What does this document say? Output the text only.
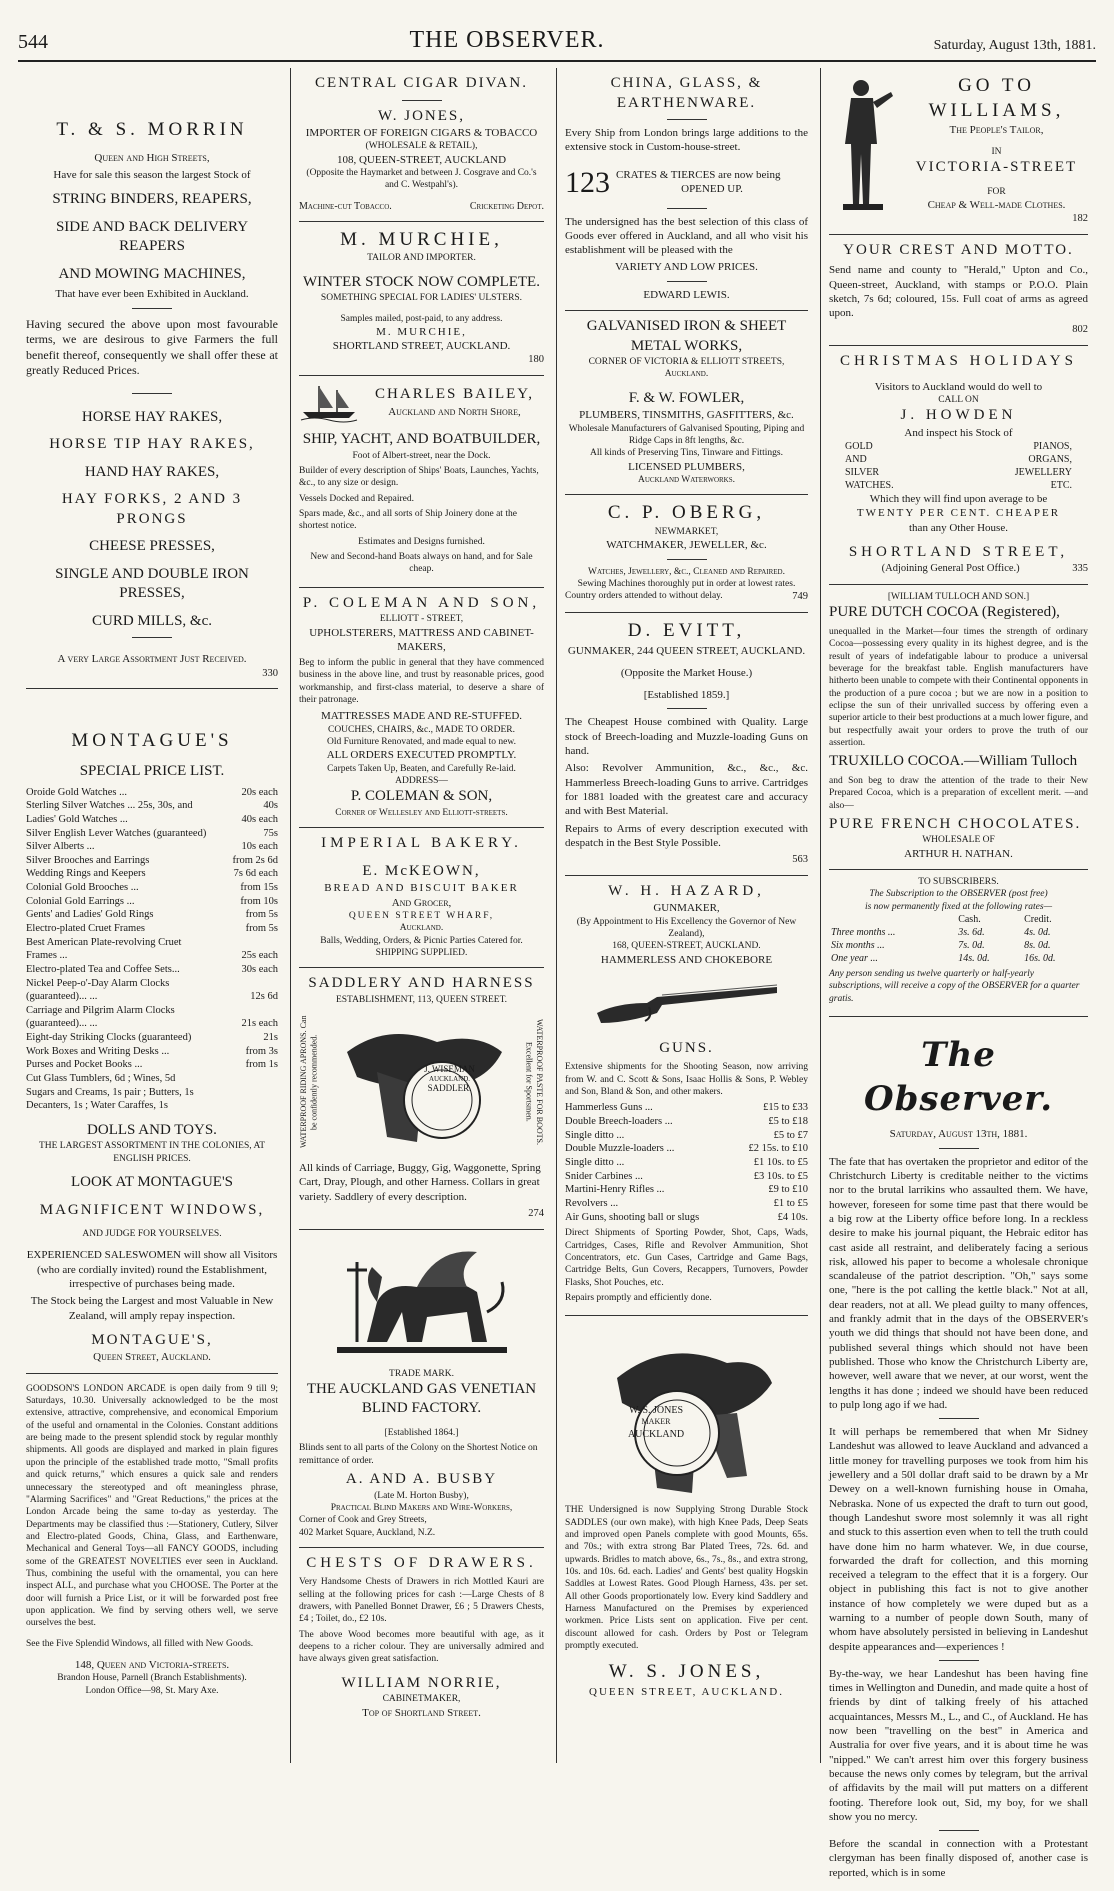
544	THE OBSERVER.	Saturday, August 13th, 1881.
T. & S. MORRIN
Queen and High Streets,

Have for sale this season the largest Stock of

STRING BINDERS, REAPERS,
SIDE AND BACK DELIVERY REAPERS
AND MOWING MACHINES,

That have ever been Exhibited in Auckland.

Having secured the above upon most favourable terms, we are desirous to give Farmers the full benefit thereof, consequently we shall offer these at greatly Reduced Prices.

HORSE HAY RAKES,
HORSE TIP HAY RAKES,
HAND HAY RAKES,
HAY FORKS, 2 AND 3 PRONGS
CHEESE PRESSES,
SINGLE AND DOUBLE IRON PRESSES,
CURD MILLS, &c.
A very Large Assortment Just Received.
330
MONTAGUE'S
SPECIAL PRICE LIST.
Oroide Gold Watches ...	20s each
Sterling Silver Watches ... 25s, 30s, and	40s
Ladies' Gold Watches ...	40s each
Silver English Lever Watches (guaranteed)	75s
Silver Alberts ...	10s each
Silver Brooches and Earrings	from 2s 6d
Wedding Rings and Keepers	7s 6d each
Colonial Gold Brooches ...	from 15s
Colonial Gold Earrings ...	from 10s
Gents' and Ladies' Gold Rings	from 5s
Electro-plated Cruet Frames	from 5s
Best American Plate-revolving Cruet
Frames ...	25s each
Electro-plated Tea and Coffee Sets...	30s each
Nickel Peep-o'-Day Alarm Clocks
(guaranteed)... ...	12s 6d
Carriage and Pilgrim Alarm Clocks
(guaranteed)... ...	21s each
Eight-day Striking Clocks (guaranteed)	21s
Work Boxes and Writing Desks ...	from 3s
Purses and Pocket Books ...	from 1s
Cut Glass Tumblers, 6d ; Wines, 5d
Sugars and Creams, 1s pair ; Butters, 1s
Decanters, 1s ; Water Caraffes, 1s
DOLLS AND TOYS.
THE LARGEST ASSORTMENT IN THE COLONIES, AT ENGLISH PRICES.
LOOK AT MONTAGUE'S
MAGNIFICENT WINDOWS,
AND JUDGE FOR YOURSELVES.

EXPERIENCED SALESWOMEN will show all Visitors (who are cordially invited) round the Establishment, irrespective of purchases being made.

The Stock being the Largest and most Valuable in New Zealand, will amply repay inspection.

MONTAGUE'S,
Queen Street, Auckland.

GOODSON'S LONDON ARCADE is open daily from 9 till 9; Saturdays, 10.30. Universally acknowledged to be the most extensive, attractive, comprehensive, and economical Emporium of the useful and ornamental in the Colonies. Constant additions are being made to the present splendid stock by regular monthly shipments. All goods are displayed and marked in plain figures upon the principle of the established trade motto, "Small profits and quick returns," which ensures a quick sale and renders unnecessary the stereotyped and oft meaningless phrase, "Alarming Sacrifices" and "Great Reductions," the prices at the London Arcade being the same to-day as yesterday. The Departments may be classified thus :—Stationery, Cutlery, Silver and Electro-plated Goods, China, Glass, and Earthenware, Mechanical and General Toys—all FANCY GOODS, including some of the GREATEST NOVELTIES ever seen in Auckland. Thus, combining the useful with the ornamental, you can here inspect ALL, and purchase what you CHOOSE. The Porter at the door will furnish a Price List, or it will be forwarded post free upon application. We find by serving others well, we serve ourselves the best.

See the Five Splendid Windows, all filled with New Goods.

148, Queen and Victoria-streets.
Brandon House, Parnell (Branch Establishments).
London Office—98, St. Mary Axe.
CENTRAL CIGAR DIVAN.
W. JONES,
IMPORTER OF FOREIGN CIGARS & TOBACCO
(WHOLESALE & RETAIL),
108, QUEEN-STREET, AUCKLAND
(Opposite the Haymarket and between J. Cosgrave and Co.'s and C. Westpahl's).
Machine-cut Tobacco.	Cricketing Depot.
M. MURCHIE,
TAILOR AND IMPORTER.
WINTER STOCK NOW COMPLETE.
SOMETHING SPECIAL FOR LADIES' ULSTERS.
Samples mailed, post-paid, to any address.
M. MURCHIE,
SHORTLAND STREET, AUCKLAND.
180
CHARLES BAILEY,
Auckland and North Shore,
SHIP, YACHT, AND BOATBUILDER,
Foot of Albert-street, near the Dock.

Builder of every description of Ships' Boats, Launches, Yachts, &c., to any size or design.

Vessels Docked and Repaired.

Spars made, &c., and all sorts of Ship Joinery done at the shortest notice.

Estimates and Designs furnished.

New and Second-hand Boats always on hand, and for Sale cheap.

P. COLEMAN AND SON,
ELLIOTT - STREET,
UPHOLSTERERS, MATTRESS AND CABINET-MAKERS,

Beg to inform the public in general that they have commenced business in the above line, and trust by reasonable prices, good workmanship, and first-class material, to deserve a share of their patronage.

MATTRESSES MADE AND RE-STUFFED.
COUCHES, CHAIRS, &c., MADE TO ORDER.
Old Furniture Renovated, and made equal to new.
ALL ORDERS EXECUTED PROMPTLY.
Carpets Taken Up, Beaten, and Carefully Re-laid.
ADDRESS—
P. COLEMAN & SON,
Corner of Wellesley and Elliott-streets.
IMPERIAL BAKERY.
E. McKEOWN,
BREAD AND BISCUIT BAKER
And Grocer,
QUEEN STREET WHARF,
Auckland.
Balls, Wedding, Orders, & Picnic Parties Catered for.
SHIPPING SUPPLIED.
SADDLERY AND HARNESS
ESTABLISHMENT, 113, QUEEN STREET.
WATERPROOF RIDING APRONS. Can be confidently recommended.	J. WISEMAN
AUCKLAND.
SADDLER.	WATERPROOF PASTE FOR BOOTS. Excellent for Sportsmen.

All kinds of Carriage, Buggy, Gig, Waggonette, Spring Cart, Dray, Plough, and other Harness. Collars in great variety. Saddlery of every description.

274
TRADE MARK.
THE AUCKLAND GAS VENETIAN BLIND FACTORY.
[Established 1864.]

Blinds sent to all parts of the Colony on the Shortest Notice on remittance of order.

A. AND A. BUSBY
(Late M. Horton Busby),
Practical Blind Makers and Wire-Workers,
Corner of Cook and Grey Streets,
402 Market Square, Auckland, N.Z.
CHESTS OF DRAWERS.

Very Handsome Chests of Drawers in rich Mottled Kauri are selling at the following prices for cash :—Large Chests of 8 drawers, with Panelled Bonnet Drawer, £6 ; 5 Drawers Chests, £4 ; Toilet, do., £2 10s.

The above Wood becomes more beautiful with age, as it deepens to a richer colour. They are universally admired and have always given great satisfaction.

WILLIAM NORRIE,
CABINETMAKER,
Top of Shortland Street.
CHINA, GLASS, & EARTHENWARE.

Every Ship from London brings large additions to the extensive stock in Custom-house-street.

123 CRATES & TIERCES are now being
OPENED UP.

The undersigned has the best selection of this class of Goods ever offered in Auckland, and all who visit his establishment will be pleased with the

VARIETY AND LOW PRICES.
EDWARD LEWIS.
GALVANISED IRON & SHEET METAL WORKS,
CORNER OF VICTORIA & ELLIOTT STREETS,
Auckland.
F. & W. FOWLER,
PLUMBERS, TINSMITHS, GASFITTERS, &c.
Wholesale Manufacturers of Galvanised Spouting, Piping and Ridge Caps in 8ft lengths, &c.
All kinds of Preserving Tins, Tinware and Fittings.
LICENSED PLUMBERS,
Auckland Waterworks.
C. P. OBERG,
NEWMARKET,
WATCHMAKER, JEWELLER, &c.
Watches, Jewellery, &c., Cleaned and Repaired.
Sewing Machines thoroughly put in order at lowest rates.
Country orders attended to without delay.	749
D. EVITT,
GUNMAKER, 244 QUEEN STREET, AUCKLAND.
(Opposite the Market House.)
[Established 1859.]

The Cheapest House combined with Quality. Large stock of Breech-loading and Muzzle-loading Guns on hand.

Also: Revolver Ammunition, &c., &c., &c. Hammerless Breech-loading Guns to arrive. Cartridges for 1881 loaded with the greatest care and accuracy and with Best Material.

Repairs to Arms of every description executed with despatch in the Best Style Possible.

563
W. H. HAZARD,
GUNMAKER,
(By Appointment to His Excellency the Governor of New Zealand),
168, QUEEN-STREET, AUCKLAND.
HAMMERLESS AND CHOKEBORE
GUNS.

Extensive shipments for the Shooting Season, now arriving from W. and C. Scott & Sons, Isaac Hollis & Sons, P. Webley and Son, Bland & Son, and other makers.

Hammerless Guns ...	£15 to £33
Double Breech-loaders ...	£5 to £18
Single ditto ...	£5 to £7
Double Muzzle-loaders ...	£2 15s. to £10
Single ditto ...	£1 10s. to £5
Snider Carbines ...	£3 10s. to £5
Martini-Henry Rifles ...	£9 to £10
Revolvers ...	£1 to £5
Air Guns, shooting ball or slugs	£4 10s.

Direct Shipments of Sporting Powder, Shot, Caps, Wads, Cartridges, Cases, Rifle and Revolver Ammunition, Shot Concentrators, etc. Gun Cases, Cartridge and Game Bags, Cartridge Belts, Gun Covers, Recappers, Turnovers, Powder Flasks, Shot Pouches, etc.

Repairs promptly and efficiently done.

W. S. JONES
MAKER
AUCKLAND

THE Undersigned is now Supplying Strong Durable Stock SADDLES (our own make), with high Knee Pads, Deep Seats and improved open Panels complete with good Mounts, 65s. and 70s.; with extra strong Bar Plated Trees, 72s. 6d. and upwards. Bridles to match above, 6s., 7s., 8s., and extra strong, 10s. and 10s. 6d. each. Ladies' and Gents' best quality Hogskin Saddles at Lowest Rates. Good Plough Harness, 43s. per set. All other Goods proportionately low. Every kind Saddlery and Harness Manufactured on the Premises by experienced workmen. Price Lists sent on application. Five per cent. discount allowed for cash. Orders by Post or Telegram promptly executed.

W. S. JONES,
QUEEN STREET, AUCKLAND.
GO TO WILLIAMS,
The People's Tailor,
IN
VICTORIA-STREET
FOR
Cheap & Well-made Clothes.
182
YOUR CREST AND MOTTO.

Send name and county to "Herald," Upton and Co., Queen-street, Auckland, with stamps or P.O.O. Plain sketch, 7s 6d; coloured, 15s. Full coat of arms as agreed upon.

802
CHRISTMAS HOLIDAYS
Visitors to Auckland would do well to
CALL ON
J. HOWDEN
And inspect his Stock of
GOLD
AND
SILVER
WATCHES.
PIANOS,
ORGANS,
JEWELLERY
ETC.
Which they will find upon average to be
TWENTY PER CENT. CHEAPER
than any Other House.
SHORTLAND STREET,
(Adjoining General Post Office.)	335
[WILLIAM TULLOCH AND SON.]
PURE DUTCH COCOA (Registered),

unequalled in the Market—four times the strength of ordinary Cocoa—possessing every quality in its highest degree, and is the result of years of indefatigable labour to produce a universal beverage for the breakfast table. English manufacturers have hitherto been unable to compete with their Continental opponents in the production of a pure cocoa ; but we are now in a position to eclipse the sun of their unrivalled success by offering even a superior article to their best productions at a much lower figure, and but respectfully await your orders to prove the truth of our assertion.

TRUXILLO COCOA.—William Tulloch

and Son beg to draw the attention of the trade to their New Prepared Cocoa, which is a preparation of excellent merit. —and also—

PURE FRENCH CHOCOLATES.
WHOLESALE OF
ARTHUR H. NATHAN.
TO SUBSCRIBERS.
The Subscription to the OBSERVER (post free)
is now permanently fixed at the following rates—
	Cash.	Credit.
Three months ...	3s. 6d.	4s. 0d.
Six months ...	7s. 0d.	8s. 0d.
One year ...	14s. 0d.	16s. 0d.

Any person sending us twelve quarterly or half-yearly subscriptions, will receive a copy of the OBSERVER for a quarter gratis.

The Observer.
Saturday, August 13th, 1881.

The fate that has overtaken the proprietor and editor of the Christchurch Liberty is creditable neither to the victims nor to the brutal larrikins who assaulted them. We have, however, foreseen for some time past that there would be a big row at the Liberty office before long. In a reckless desire to make his journal piquant, the Hebraic editor has cast aside all restraint, and deliberately facing a serious risk, allowed his paper to become a wholesale chronique scandaleuse of the patriot description. "Oh," says some one, "here is the pot calling the kettle black." Not at all, dear readers, not at all. We plead guilty to many offences, and frankly admit that in the days of the OBSERVER's youth we did things that should not have been done, and published several things which should not have been published. Those who know the Christchurch Liberty are, however, well aware that we never, at our worst, went the lengths it has done ; indeed we should have been reduced to pulp long ago if we had.

It will perhaps be remembered that when Mr Sidney Landeshut was allowed to leave Auckland and advanced a little money for travelling purposes we took from him his jewellery and a 50l dollar draft said to be drawn by a Mr Dewey on a well-known furnishing house in Omaha, Nebraska. None of us expected the draft to turn out good, though Landeshut swore most solemnly it was all right and stuck to this assertion even when to tell the truth could have done him no harm whatever. We, in due course, forwarded the draft for collection, and this morning received a telegram to the effect that it is a forgery. Our object in publishing this fact is not to give another instance of how completely we were duped but as a warning to a number of people down South, many of whom have absolutely persisted in believing in Landeshut despite appearances and—experiences !

By-the-way, we hear Landeshut has been having fine times in Wellington and Dunedin, and made quite a host of friends by dint of talking freely of his attached acquaintances, Messrs M., L., and C., of Auckland. He has now been "travelling on the best" in America and Australia for over five years, and it is about time he was "nipped." We can't arrest him over this forgery business because the news only comes by telegram, but the arrival of affidavits by the mail will put matters on a different footing. Therefore look out, Sid, my boy, for we shall show you no mercy.

Before the scandal in connection with a Protestant clergyman has been finally disposed of, another case is reported, which is in some
